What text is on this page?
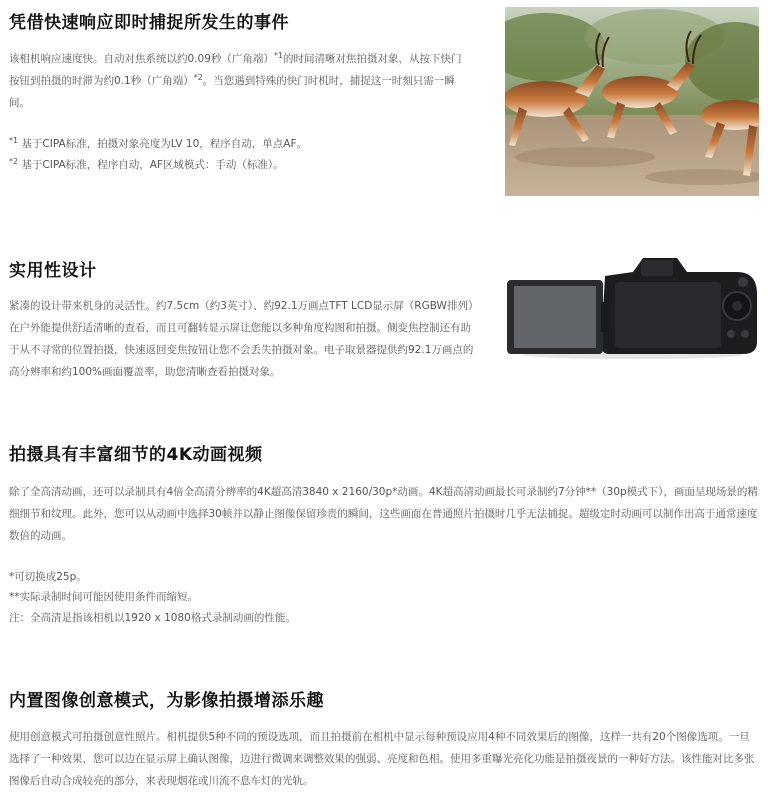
凭借快速响应即时捕捉所发生的事件

该相机响应速度快。自动对焦系统以约0.09秒（广角端）$^{*1}$的时间清晰对焦拍摄对象，从按下快门按钮到拍摄的时滞为约0.1秒（广角端）$^{*2}$。当您遇到特殊的快门时机时，捕捉这一时刻只需一瞬间。

$^{*1}$ 基于CIPA标准，拍摄对象亮度为LV 10，程序自动，单点AF。

$^{*2}$ 基于CIPA标准，程序自动，AF区域模式：手动（标准）。

实用性设计

紧凑的设计带来机身的灵活性。约7.5cm（约3英寸）、约92.1万画点TFT LCD显示屏（RGBW排列）在户外能提供舒适清晰的查看，而且可翻转显示屏让您能以多种角度构图和拍摄。侧变焦控制还有助于从不寻常的位置拍摄，快速返回变焦按钮让您不会丢失拍摄对象。电子取景器提供约92.1万画点的高分辨率和约100%画面覆盖率，助您清晰查看拍摄对象。

拍摄具有丰富细节的4K动画视频

除了全高清动画，还可以录制具有4倍全高清分辨率的4K超高清3840 x 2160/30p*动画。4K超高清动画最长可录制约7分钟**（30p模式下），画面呈现场景的精细细节和纹理。此外，您可以从动画中选择30帧并以静止图像保留珍贵的瞬间，这些画面在普通照片拍摄时几乎无法捕捉。超级定时动画可以制作出高于通常速度数倍的动画。

*可切换成25p。

**实际录制时间可能因使用条件而缩短。

注：全高清是指该相机以1920 x 1080格式录制动画的性能。

内置图像创意模式，为影像拍摄增添乐趣

使用创意模式可拍摄创意性照片。相机提供5种不同的预设选项，而且拍摄前在相机中显示每种预设应用4种不同效果后的图像，这样一共有20个图像选项。一旦选择了一种效果，您可以边在显示屏上确认图像，边进行微调来调整效果的强弱、亮度和色相。使用多重曝光亮化功能是拍摄夜景的一种好方法。该性能对比多张图像后自动合成较亮的部分，来表现烟花或川流不息车灯的光轨。
